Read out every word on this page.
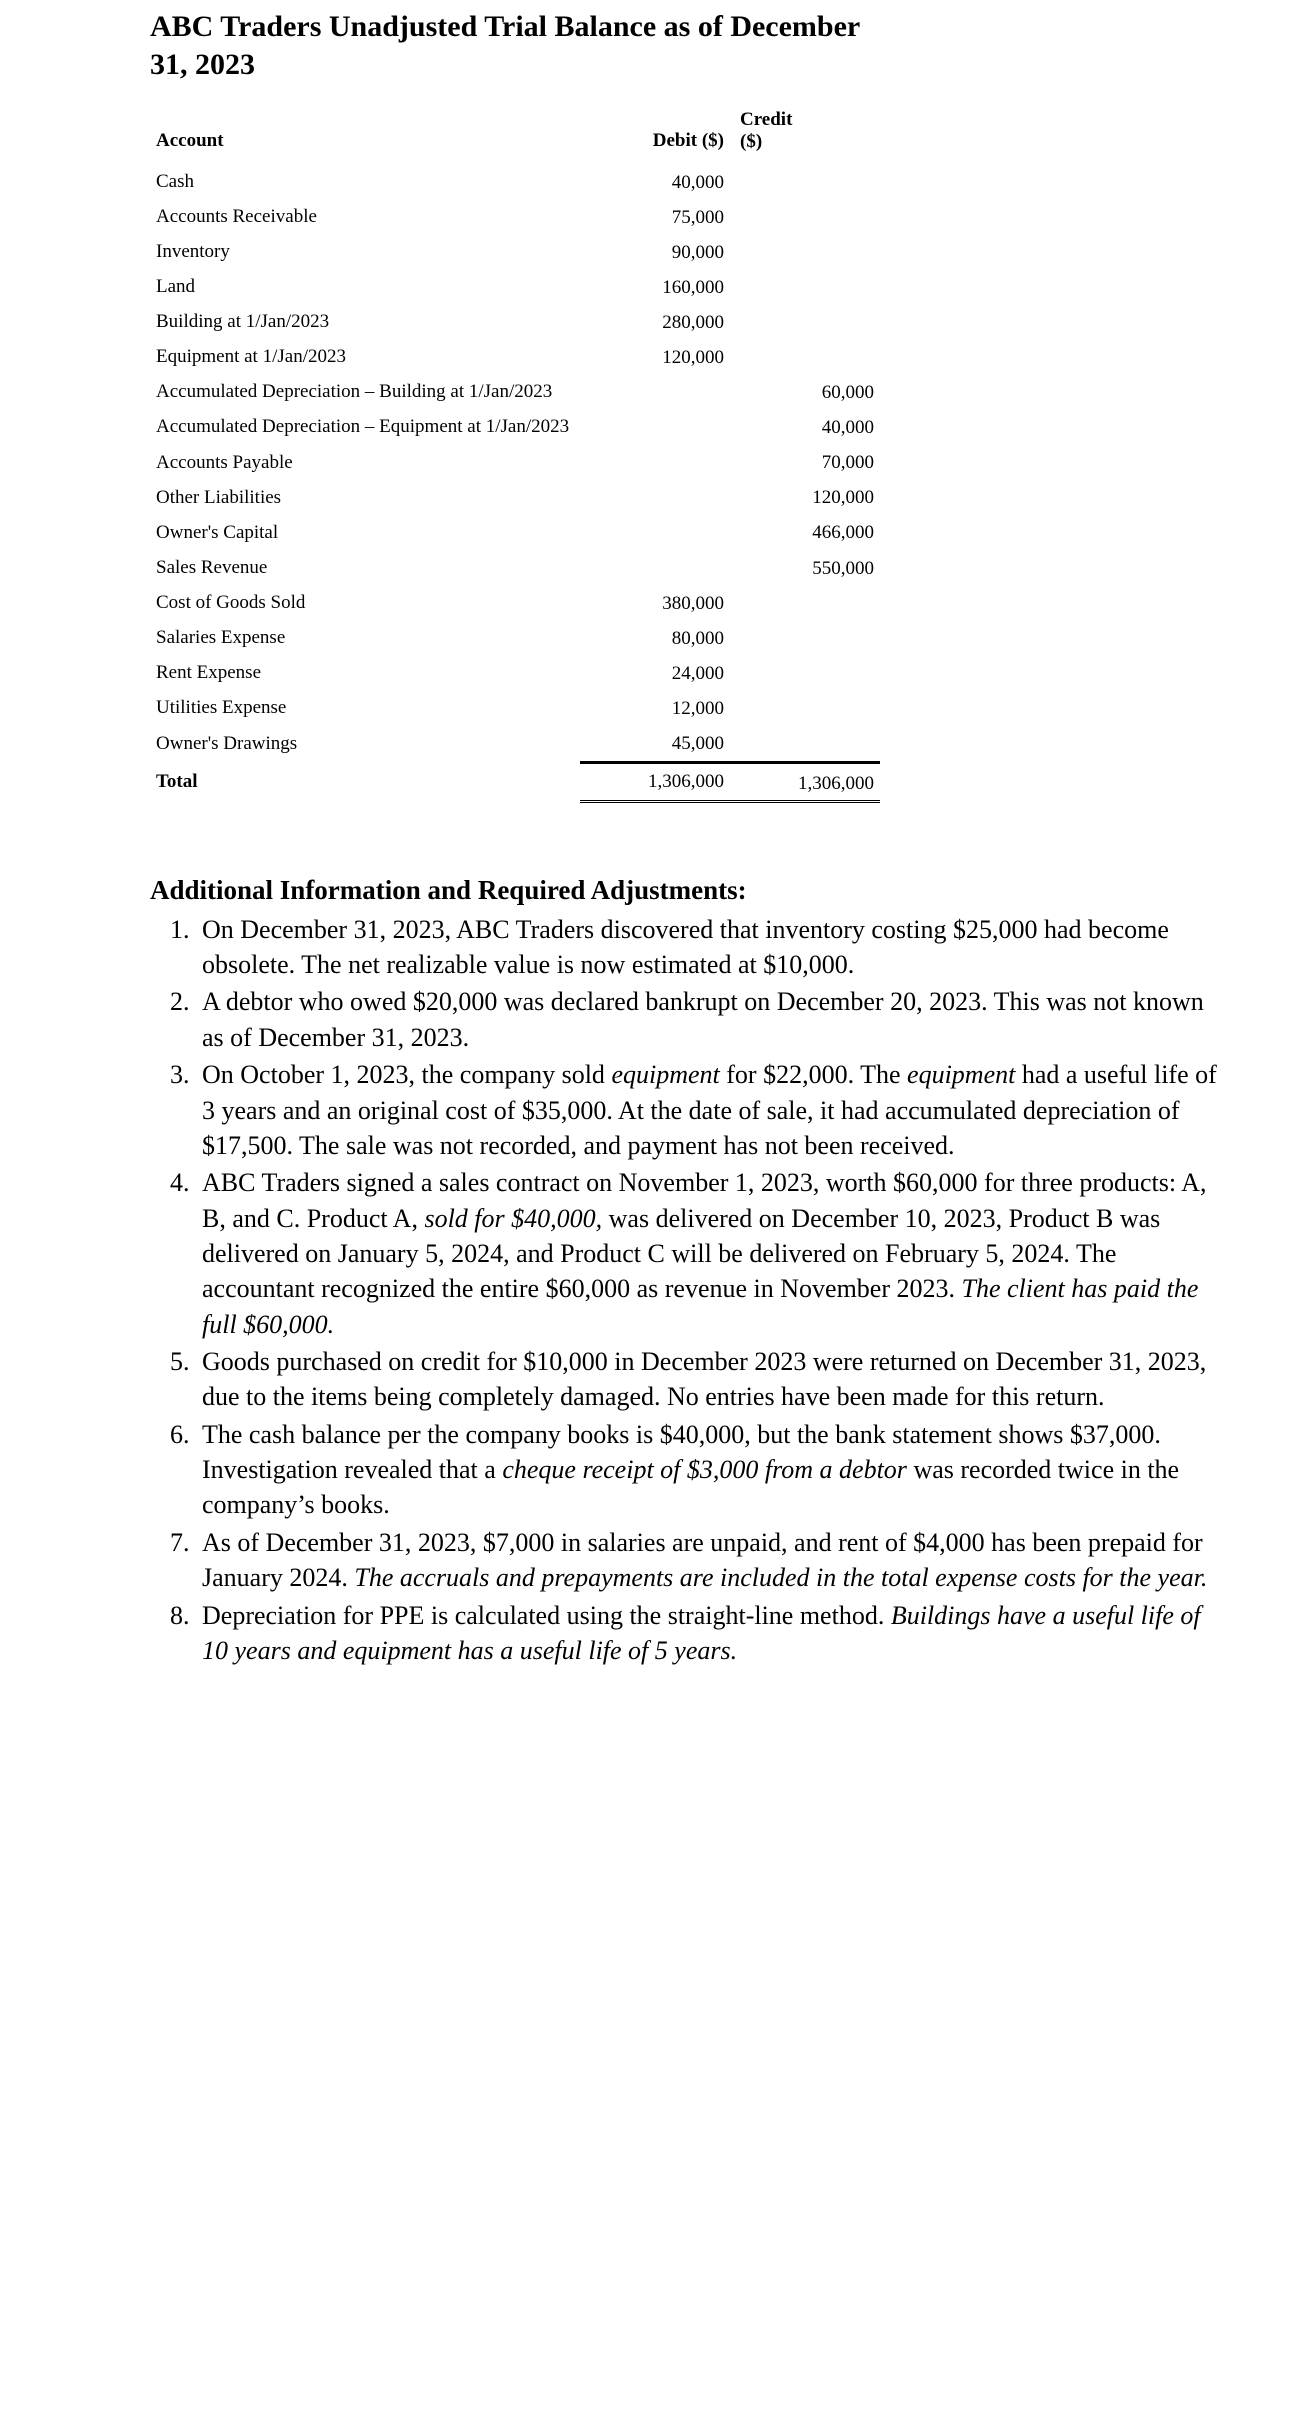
ABC Traders Unadjusted Trial Balance as of December 31, 2023
Account	Debit ($)	Credit
($)
Cash	40,000	
Accounts Receivable	75,000	
Inventory	90,000	
Land	160,000	
Building at 1/Jan/2023	280,000	
Equipment at 1/Jan/2023	120,000	
Accumulated Depreciation – Building at 1/Jan/2023		60,000
Accumulated Depreciation – Equipment at 1/Jan/2023		40,000
Accounts Payable		70,000
Other Liabilities		120,000
Owner's Capital		466,000
Sales Revenue		550,000
Cost of Goods Sold	380,000	
Salaries Expense	80,000	
Rent Expense	24,000	
Utilities Expense	12,000	
Owner's Drawings	45,000	
Total	1,306,000	1,306,000
Additional Information and Required Adjustments:
1. On December 31, 2023, ABC Traders discovered that inventory costing $25,000 had become obsolete. The net realizable value is now estimated at $10,000.
2. A debtor who owed $20,000 was declared bankrupt on December 20, 2023. This was not known as of December 31, 2023.
3. On October 1, 2023, the company sold equipment for $22,000. The equipment had a useful life of 3 years and an original cost of $35,000. At the date of sale, it had accumulated depreciation of $17,500. The sale was not recorded, and payment has not been received.
4. ABC Traders signed a sales contract on November 1, 2023, worth $60,000 for three products: A, B, and C. Product A, sold for $40,000, was delivered on December 10, 2023, Product B was delivered on January 5, 2024, and Product C will be delivered on February 5, 2024. The accountant recognized the entire $60,000 as revenue in November 2023. The client has paid the full $60,000.
5. Goods purchased on credit for $10,000 in December 2023 were returned on December 31, 2023, due to the items being completely damaged. No entries have been made for this return.
6. The cash balance per the company books is $40,000, but the bank statement shows $37,000. Investigation revealed that a cheque receipt of $3,000 from a debtor was recorded twice in the company’s books.
7. As of December 31, 2023, $7,000 in salaries are unpaid, and rent of $4,000 has been prepaid for January 2024. The accruals and prepayments are included in the total expense costs for the year.
8. Depreciation for PPE is calculated using the straight-line method. Buildings have a useful life of 10 years and equipment has a useful life of 5 years.
